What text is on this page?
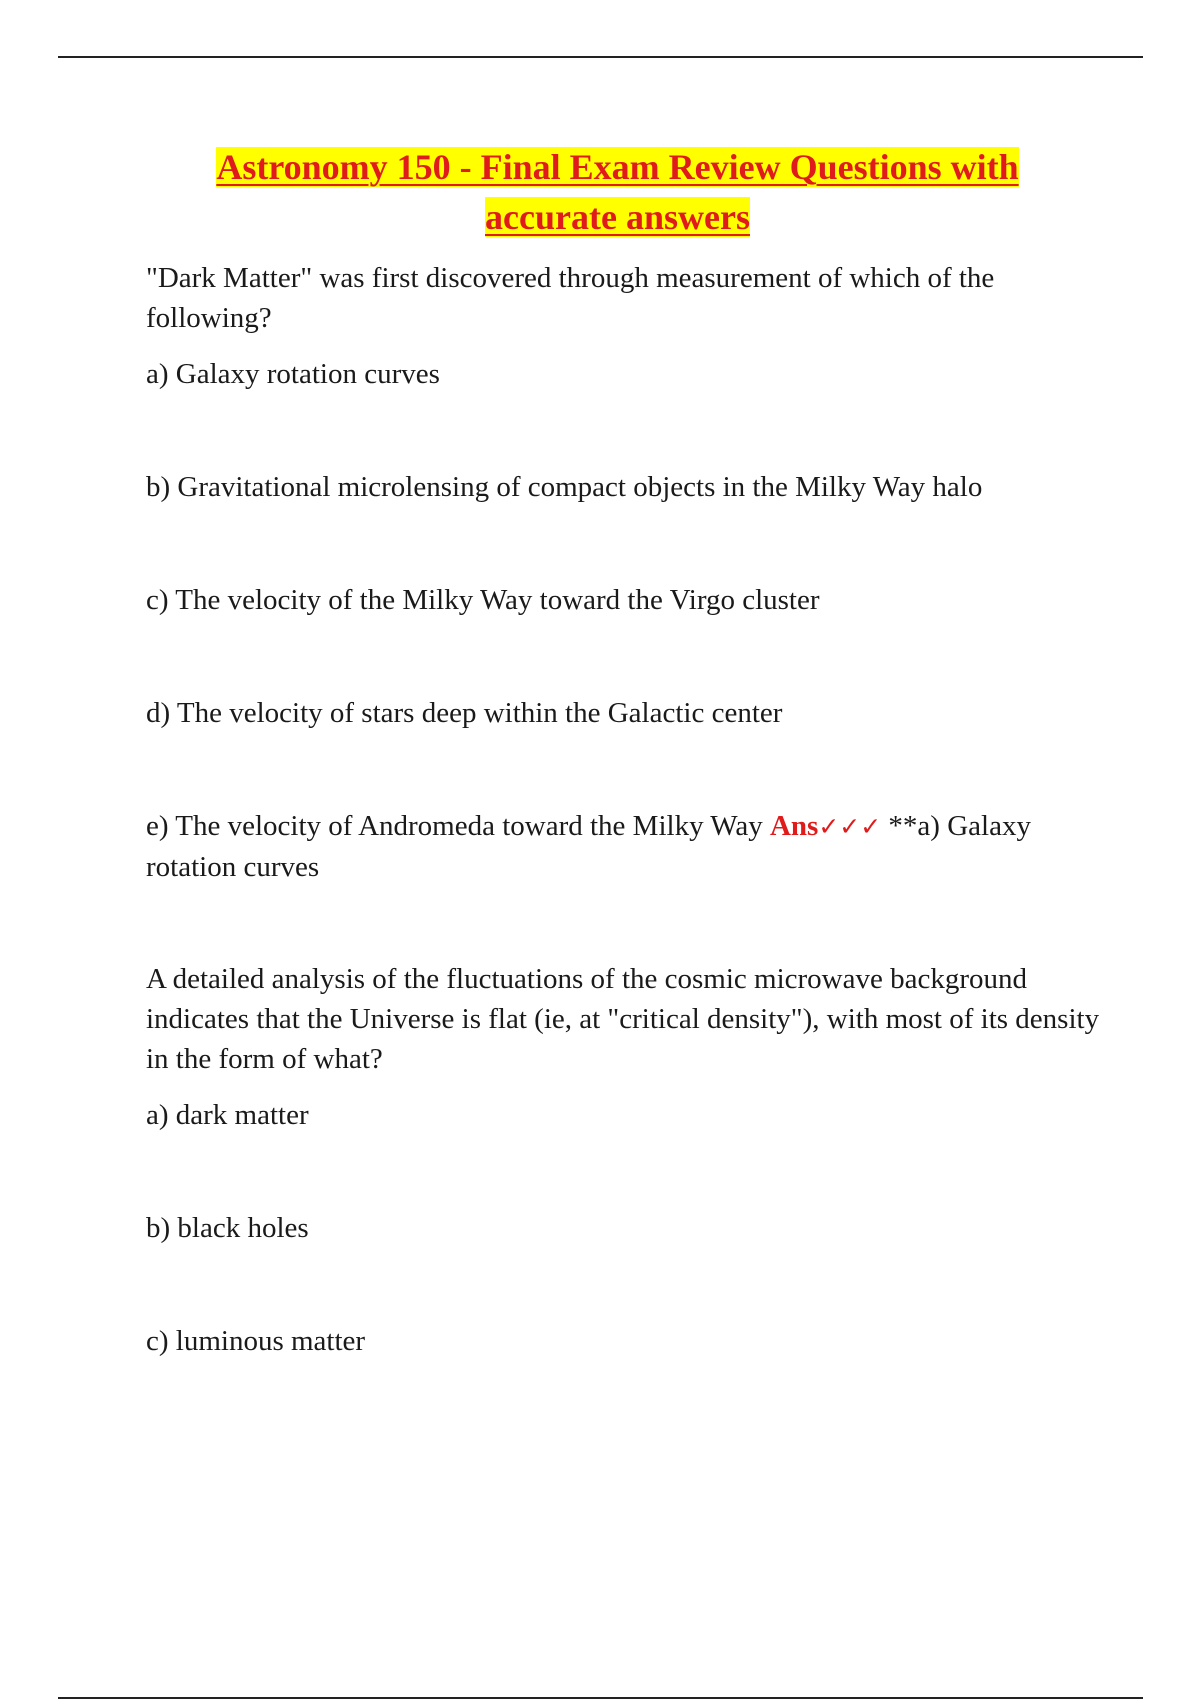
Astronomy 150 - Final Exam Review Questions with
accurate answers

"Dark Matter" was first discovered through measurement of which of the following?

a) Galaxy rotation curves

b) Gravitational microlensing of compact objects in the Milky Way halo

c) The velocity of the Milky Way toward the Virgo cluster

d) The velocity of stars deep within the Galactic center

e) The velocity of Andromeda toward the Milky Way Ans✓✓✓ **a) Galaxy rotation curves

A detailed analysis of the fluctuations of the cosmic microwave background indicates that the Universe is flat (ie, at "critical density"), with most of its density in the form of what?

a) dark matter

b) black holes

c) luminous matter
